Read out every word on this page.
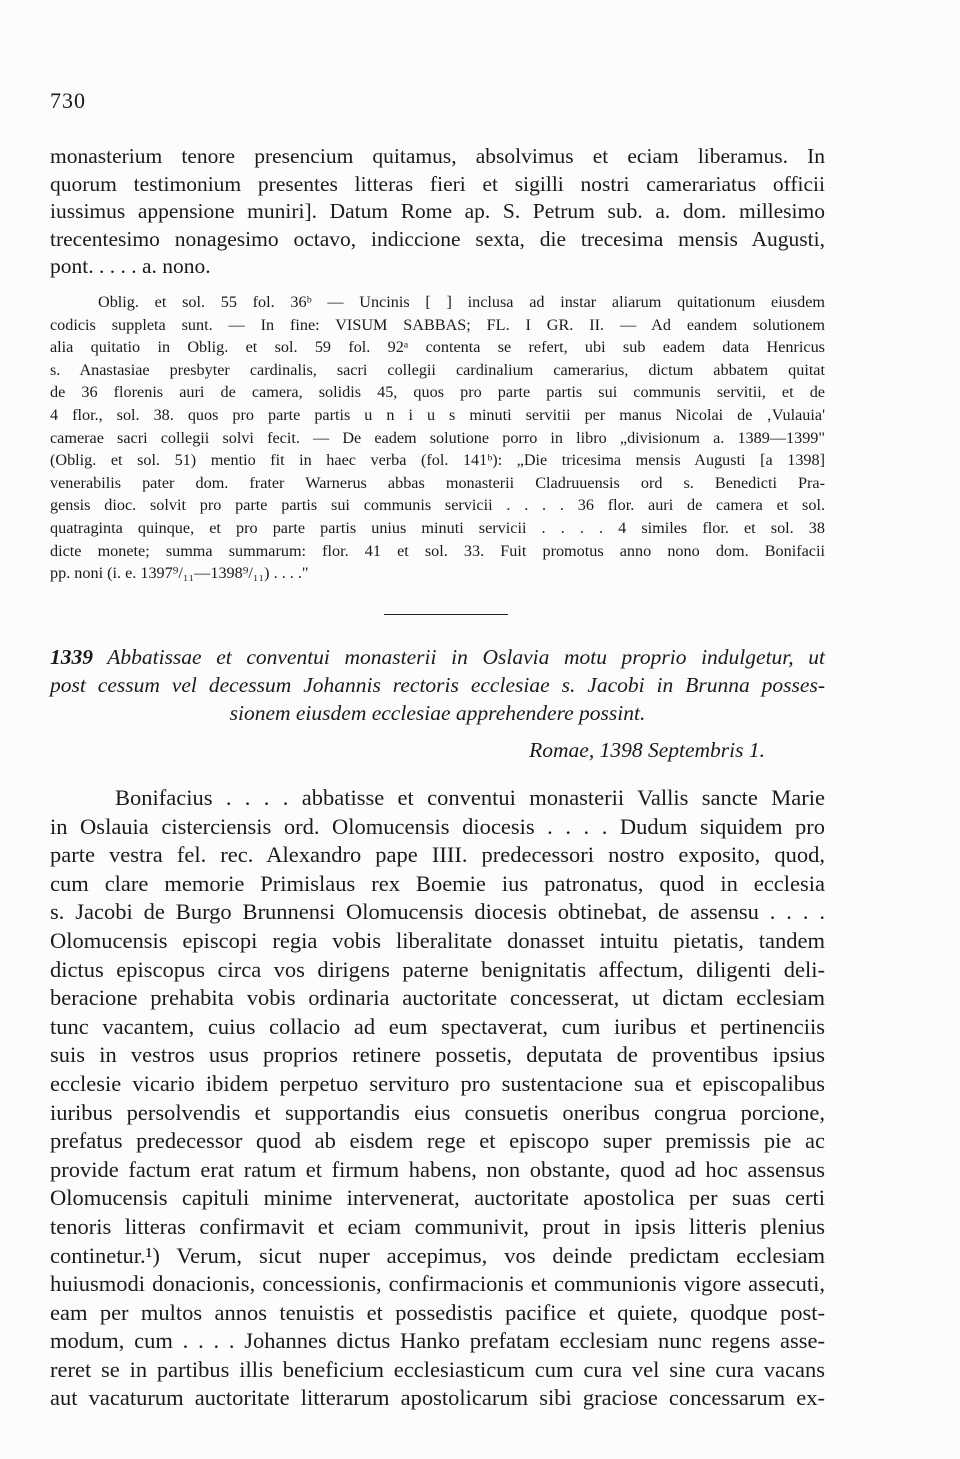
730
monasterium tenore presencium quitamus, absolvimus et eciam liberamus. In
quorum testimonium presentes litteras fieri et sigilli nostri camerariatus officii
iussimus appensione muniri]. Datum Rome ap. S. Petrum sub. a. dom. millesimo
trecentesimo nonagesimo octavo, indiccione sexta, die trecesima mensis Augusti,
pont. . . . . a. nono.
Oblig. et sol. 55 fol. 36ᵇ — Uncinis [ ] inclusa ad instar aliarum quitationum eiusdem
codicis suppleta sunt. — In fine: VISUM SABBAS; FL. I GR. II. — Ad eandem solutionem
alia quitatio in Oblig. et sol. 59 fol. 92ᵃ contenta se refert, ubi sub eadem data Henricus
s. Anastasiae presbyter cardinalis, sacri collegii cardinalium camerarius, dictum abbatem quitat
de 36 florenis auri de camera, solidis 45, quos pro parte partis sui communis servitii, et de
4 flor., sol. 38. quos pro parte partis u n i u s minuti servitii per manus Nicolai de ‚Vulauia'
camerae sacri collegii solvi fecit. — De eadem solutione porro in libro „divisionum a. 1389—1399"
(Oblig. et sol. 51) mentio fit in haec verba (fol. 141ᵇ): „Die tricesima mensis Augusti [a 1398]
venerabilis pater dom. frater Warnerus abbas monasterii Cladruuensis ord s. Benedicti Pra-
gensis dioc. solvit pro parte partis sui communis servicii . . . . 36 flor. auri de camera et sol.
quatraginta quinque, et pro parte partis unius minuti servicii . . . . 4 similes flor. et sol. 38
dicte monete; summa summarum: flor. 41 et sol. 33. Fuit promotus anno nono dom. Bonifacii
pp. noni (i. e. 1397⁹/₁₁—1398⁹/₁₁) . . . ."
1339 Abbatissae et conventui monasterii in Oslavia motu proprio indulgetur, ut
post cessum vel decessum Johannis rectoris ecclesiae s. Jacobi in Brunna posses-
sionem eiusdem ecclesiae apprehendere possint.
Romae, 1398 Septembris 1.
Bonifacius . . . . abbatisse et conventui monasterii Vallis sancte Marie
in Oslauia cisterciensis ord. Olomucensis diocesis . . . . Dudum siquidem pro
parte vestra fel. rec. Alexandro pape IIII. predecessori nostro exposito, quod,
cum clare memorie Primislaus rex Boemie ius patronatus, quod in ecclesia
s. Jacobi de Burgo Brunnensi Olomucensis diocesis obtinebat, de assensu . . . .
Olomucensis episcopi regia vobis liberalitate donasset intuitu pietatis, tandem
dictus episcopus circa vos dirigens paterne benignitatis affectum, diligenti deli-
beracione prehabita vobis ordinaria auctoritate concesserat, ut dictam ecclesiam
tunc vacantem, cuius collacio ad eum spectaverat, cum iuribus et pertinenciis
suis in vestros usus proprios retinere possetis, deputata de proventibus ipsius
ecclesie vicario ibidem perpetuo servituro pro sustentacione sua et episcopalibus
iuribus persolvendis et supportandis eius consuetis oneribus congrua porcione,
prefatus predecessor quod ab eisdem rege et episcopo super premissis pie ac
provide factum erat ratum et firmum habens, non obstante, quod ad hoc assensus
Olomucensis capituli minime intervenerat, auctoritate apostolica per suas certi
tenoris litteras confirmavit et eciam communivit, prout in ipsis litteris plenius
continetur.¹) Verum, sicut nuper accepimus, vos deinde predictam ecclesiam
huiusmodi donacionis, concessionis, confirmacionis et communionis vigore assecuti,
eam per multos annos tenuistis et possedistis pacifice et quiete, quodque post-
modum, cum . . . . Johannes dictus Hanko prefatam ecclesiam nunc regens asse-
reret se in partibus illis beneficium ecclesiasticum cum cura vel sine cura vacans
aut vacaturum auctoritate litterarum apostolicarum sibi graciose concessarum ex-
